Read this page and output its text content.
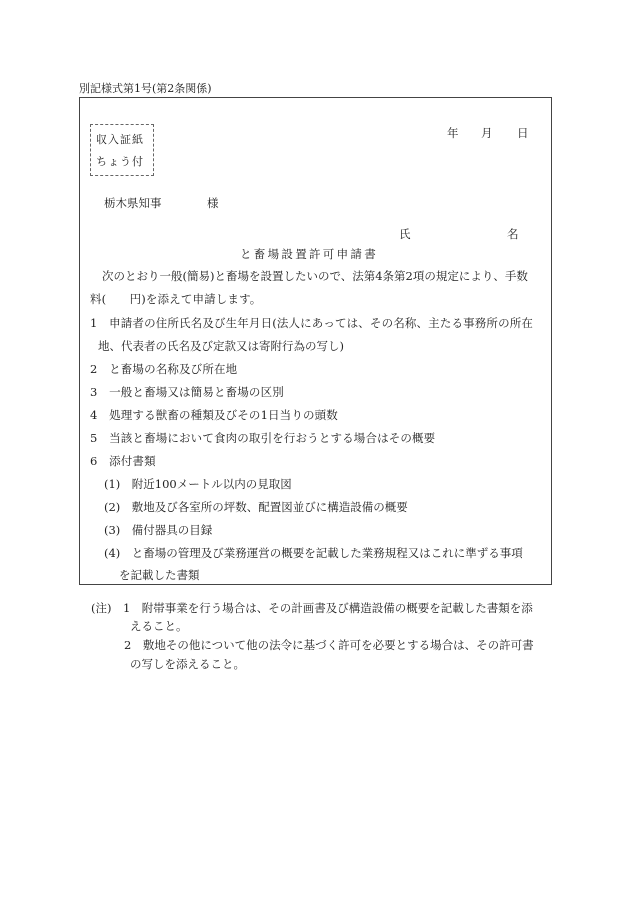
別記様式第1号(第2条関係)
収入証紙
ちょう付
年 月 日
栃木県知事	様
氏	名
と畜場設置許可申請書
次のとおり一般(簡易)と畜場を設置したいので、法第4条第2項の規定により、手数
料(　　円)を添えて申請します。
1　申請者の住所氏名及び生年月日(法人にあっては、その名称、主たる事務所の所在
地、代表者の氏名及び定款又は寄附行為の写し)
2　と畜場の名称及び所在地
3　一般と畜場又は簡易と畜場の区別
4　処理する獣畜の種類及びその1日当りの頭数
5　当該と畜場において食肉の取引を行おうとする場合はその概要
6　添付書類
(1)　附近100メートル以内の見取図
(2)　敷地及び各室所の坪数、配置図並びに構造設備の概要
(3)　備付器具の目録
(4)　と畜場の管理及び業務運営の概要を記載した業務規程又はこれに準ずる事項
を記載した書類
(注)　1　附帯事業を行う場合は、その計画書及び構造設備の概要を記載した書類を添
えること。
2　敷地その他について他の法令に基づく許可を必要とする場合は、その許可書
の写しを添えること。
